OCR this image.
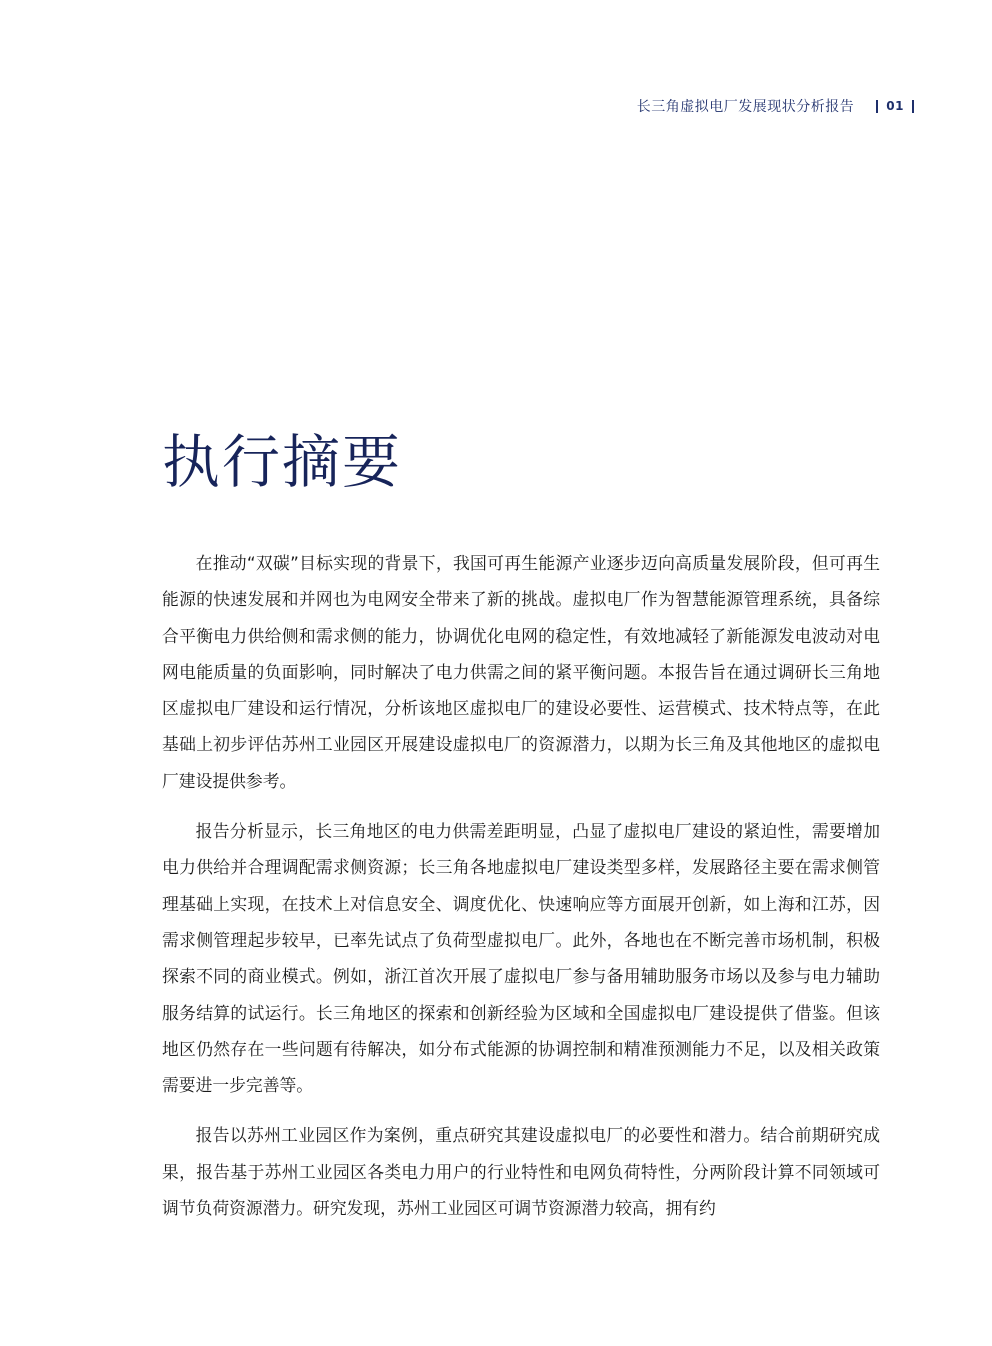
长三角虚拟电厂发展现状分析报告	01
执行摘要

在推动“双碳”目标实现的背景下，我国可再生能源产业逐步迈向高质量发展阶段，但可再生能源的快速发展和并网也为电网安全带来了新的挑战。虚拟电厂作为智慧能源管理系统，具备综合平衡电力供给侧和需求侧的能力，协调优化电网的稳定性，有效地减轻了新能源发电波动对电网电能质量的负面影响，同时解决了电力供需之间的紧平衡问题。本报告旨在通过调研长三角地区虚拟电厂建设和运行情况，分析该地区虚拟电厂的建设必要性、运营模式、技术特点等，在此基础上初步评估苏州工业园区开展建设虚拟电厂的资源潜力，以期为长三角及其他地区的虚拟电厂建设提供参考。

报告分析显示，长三角地区的电力供需差距明显，凸显了虚拟电厂建设的紧迫性，需要增加电力供给并合理调配需求侧资源；长三角各地虚拟电厂建设类型多样，发展路径主要在需求侧管理基础上实现，在技术上对信息安全、调度优化、快速响应等方面展开创新，如上海和江苏，因需求侧管理起步较早，已率先试点了负荷型虚拟电厂。此外，各地也在不断完善市场机制，积极探索不同的商业模式。例如，浙江首次开展了虚拟电厂参与备用辅助服务市场以及参与电力辅助服务结算的试运行。长三角地区的探索和创新经验为区域和全国虚拟电厂建设提供了借鉴。但该地区仍然存在一些问题有待解决，如分布式能源的协调控制和精准预测能力不足，以及相关政策需要进一步完善等。

报告以苏州工业园区作为案例，重点研究其建设虚拟电厂的必要性和潜力。结合前期研究成果，报告基于苏州工业园区各类电力用户的行业特性和电网负荷特性，分两阶段计算不同领域可调节负荷资源潜力。研究发现，苏州工业园区可调节资源潜力较高，拥有约
